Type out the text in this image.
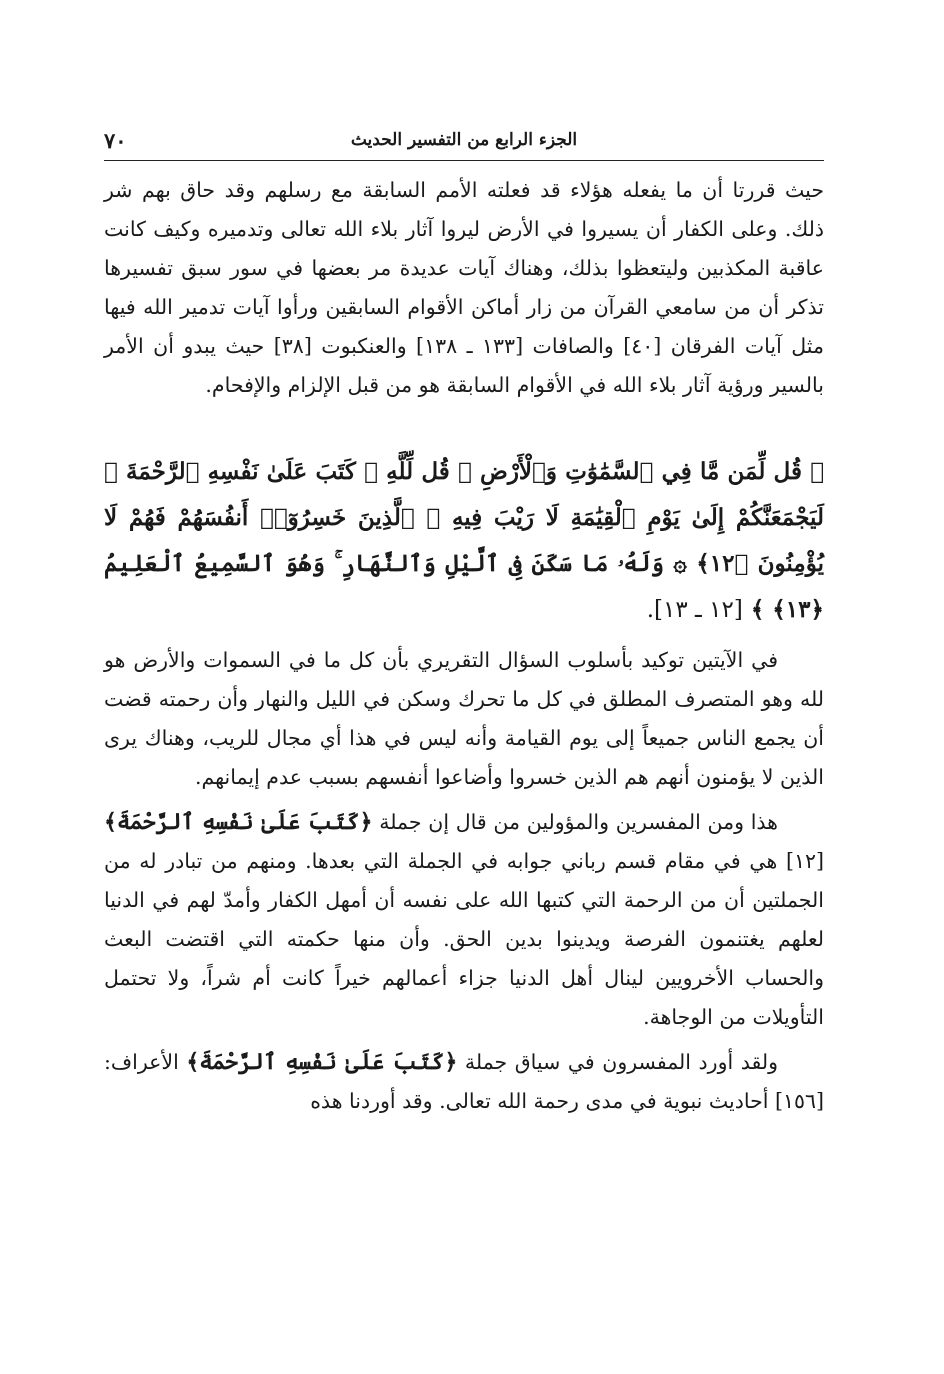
٧٠	الجزء الرابع من التفسير الحديث

حيث قررتا أن ما يفعله هؤلاء قد فعلته الأمم السابقة مع رسلهم وقد حاق بهم شر ذلك. وعلى الكفار أن يسيروا في الأرض ليروا آثار بلاء الله تعالى وتدميره وكيف كانت عاقبة المكذبين وليتعظوا بذلك، وهناك آيات عديدة مر بعضها في سور سبق تفسيرها تذكر أن من سامعي القرآن من زار أماكن الأقوام السابقين ورأوا آيات تدمير الله فيها مثل آيات الفرقان [٤٠] والصافات [١٣٣ ـ ١٣٨] والعنكبوت [٣٨] حيث يبدو أن الأمر بالسير ورؤية آثار بلاء الله في الأقوام السابقة هو من قبل الإلزام والإفحام.

﴿ قُل لِّمَن مَّا فِي ٱلسَّمَٰوَٰتِ وَٱلْأَرْضِ ۖ قُل لِّلَّهِ ۚ كَتَبَ عَلَىٰ نَفْسِهِ ٱلرَّحْمَةَ ۚ لَيَجْمَعَنَّكُمْ إِلَىٰ يَوْمِ ٱلْقِيَٰمَةِ لَا رَيْبَ فِيهِ ۚ ٱلَّذِينَ خَسِرُوٓا۟ أَنفُسَهُمْ فَهُمْ لَا يُؤْمِنُونَ ﴿١٢﴾ ۞ وَلَهُۥ مَا سَكَنَ فِى ٱلَّيْلِ وَٱلنَّهَارِ ۚ وَهُوَ ٱلسَّمِيعُ ٱلْعَلِيمُ ﴿١٣﴾ ﴾ [١٢ ـ ١٣].

في الآيتين توكيد بأسلوب السؤال التقريري بأن كل ما في السموات والأرض هو لله وهو المتصرف المطلق في كل ما تحرك وسكن في الليل والنهار وأن رحمته قضت أن يجمع الناس جميعاً إلى يوم القيامة وأنه ليس في هذا أي مجال للريب، وهناك يرى الذين لا يؤمنون أنهم هم الذين خسروا وأضاعوا أنفسهم بسبب عدم إيمانهم.

هذا ومن المفسرين والمؤولين من قال إن جملة ﴿كَتَبَ عَلَىٰ نَفْسِهِ ٱلرَّحْمَةَ﴾ [١٢] هي في مقام قسم رباني جوابه في الجملة التي بعدها. ومنهم من تبادر له من الجملتين أن من الرحمة التي كتبها الله على نفسه أن أمهل الكفار وأمدّ لهم في الدنيا لعلهم يغتنمون الفرصة ويدينوا بدين الحق. وأن منها حكمته التي اقتضت البعث والحساب الأخرويين لينال أهل الدنيا جزاء أعمالهم خيراً كانت أم شراً، ولا تحتمل التأويلات من الوجاهة.

ولقد أورد المفسرون في سياق جملة ﴿كَتَبَ عَلَىٰ نَفْسِهِ ٱلرَّحْمَةَ﴾ الأعراف: [١٥٦] أحاديث نبوية في مدى رحمة الله تعالى. وقد أوردنا هذه
